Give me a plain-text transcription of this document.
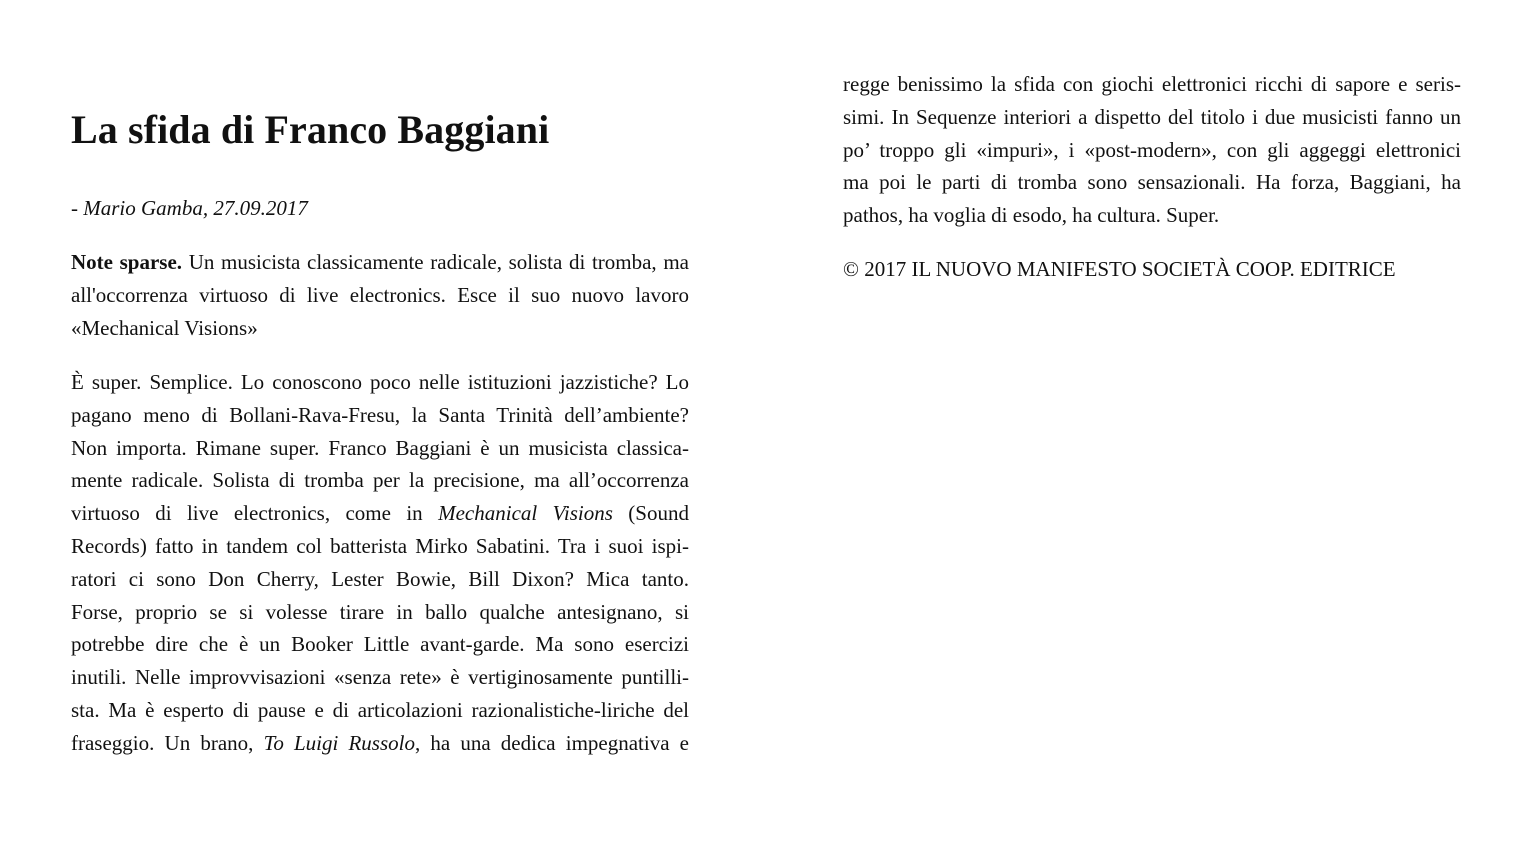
La sfida di Franco Baggiani

- Mario Gamba, 27.09.2017

Note sparse. Un musicista classicamente radicale, solista di tromba, ma all'occorrenza virtuoso di live electronics. Esce il suo nuovo lavoro «Mechanical Visions»

È super. Semplice. Lo conoscono poco nelle istituzioni jazzistiche? Lo
pagano meno di Bollani-Rava-Fresu, la Santa Trinità dell’ambiente?
Non importa. Rimane super. Franco Baggiani è un musicista classica-
mente radicale. Solista di tromba per la precisione, ma all’occorrenza
virtuoso di live electronics, come in Mechanical Visions (Sound
Records) fatto in tandem col batterista Mirko Sabatini. Tra i suoi ispi-
ratori ci sono Don Cherry, Lester Bowie, Bill Dixon? Mica tanto.
Forse, proprio se si volesse tirare in ballo qualche antesignano, si
potrebbe dire che è un Booker Little avant-garde. Ma sono esercizi
inutili. Nelle improvvisazioni «senza rete» è vertiginosamente puntilli-
sta. Ma è esperto di pause e di articolazioni razionalistiche-liriche del
fraseggio. Un brano, To Luigi Russolo, ha una dedica impegnativa e
regge benissimo la sfida con giochi elettronici ricchi di sapore e seris-
simi. In Sequenze interiori a dispetto del titolo i due musicisti fanno un
po’ troppo gli «impuri», i «post-modern», con gli aggeggi elettronici
ma poi le parti di tromba sono sensazionali. Ha forza, Baggiani, ha
pathos, ha voglia di esodo, ha cultura. Super.

© 2017 IL NUOVO MANIFESTO SOCIETÀ COOP. EDITRICE
